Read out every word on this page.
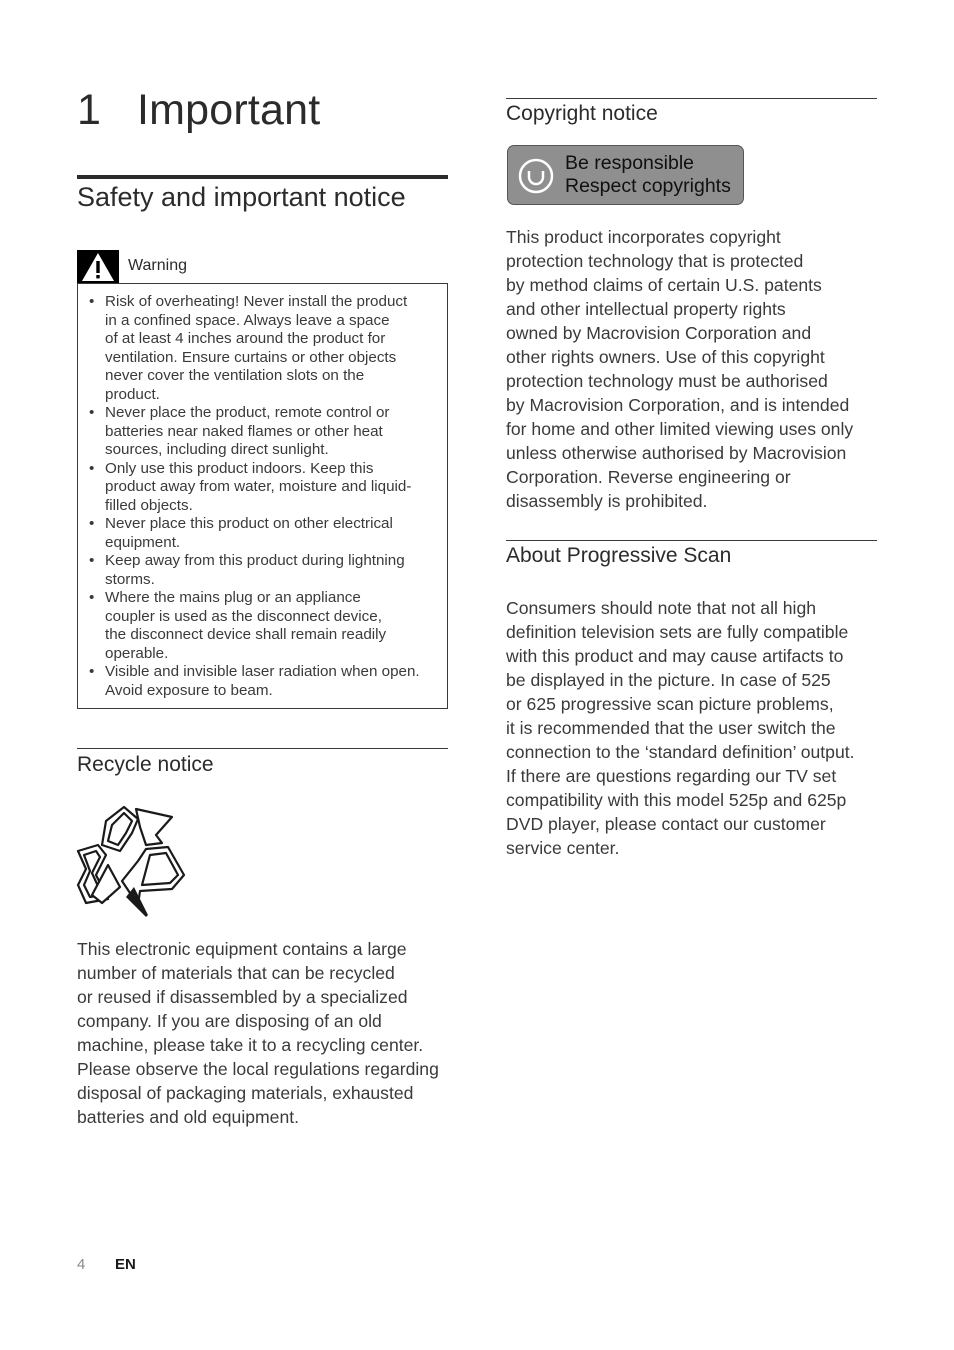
1 Important
Safety and important notice
Warning
• Risk of overheating! Never install the product
in a confined space. Always leave a space
of at least 4 inches around the product for
ventilation. Ensure curtains or other objects
never cover the ventilation slots on the
product.
• Never place the product, remote control or
batteries near naked flames or other heat
sources, including direct sunlight.
• Only use this product indoors. Keep this
product away from water, moisture and liquid-
filled objects.
• Never place this product on other electrical
equipment.
• Keep away from this product during lightning
storms.
• Where the mains plug or an appliance
coupler is used as the disconnect device,
the disconnect device shall remain readily
operable.
• Visible and invisible laser radiation when open.
Avoid exposure to beam.
Recycle notice

This electronic equipment contains a large

number of materials that can be recycled

or reused if disassembled by a specialized

company. If you are disposing of an old

machine, please take it to a recycling center.

Please observe the local regulations regarding

disposal of packaging materials, exhausted

batteries and old equipment.

4 EN
Copyright notice
Be responsible
Respect copyrights

This product incorporates copyright

protection technology that is protected

by method claims of certain U.S. patents

and other intellectual property rights

owned by Macrovision Corporation and

other rights owners. Use of this copyright

protection technology must be authorised

by Macrovision Corporation, and is intended

for home and other limited viewing uses only

unless otherwise authorised by Macrovision

Corporation. Reverse engineering or

disassembly is prohibited.

About Progressive Scan

Consumers should note that not all high

definition television sets are fully compatible

with this product and may cause artifacts to

be displayed in the picture. In case of 525

or 625 progressive scan picture problems,

it is recommended that the user switch the

connection to the ‘standard definition’ output.

If there are questions regarding our TV set

compatibility with this model 525p and 625p

DVD player, please contact our customer

service center.
